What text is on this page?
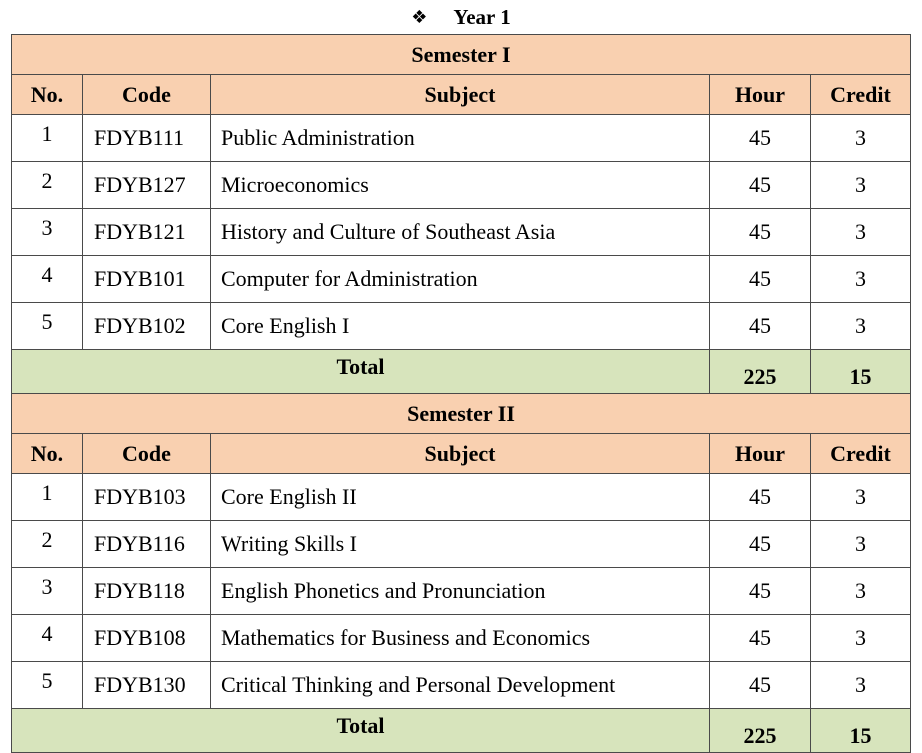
❖ Year 1
Semester I				
No.	Code	Subject	Hour	Credit
1	FDYB111	Public Administration	45	3
2	FDYB127	Microeconomics	45	3
3	FDYB121	History and Culture of Southeast Asia	45	3
4	FDYB101	Computer for Administration	45	3
5	FDYB102	Core English I	45	3
Total			225	15
Semester II				
No.	Code	Subject	Hour	Credit
1	FDYB103	Core English II	45	3
2	FDYB116	Writing Skills I	45	3
3	FDYB118	English Phonetics and Pronunciation	45	3
4	FDYB108	Mathematics for Business and Economics	45	3
5	FDYB130	Critical Thinking and Personal Development	45	3
Total			225	15
